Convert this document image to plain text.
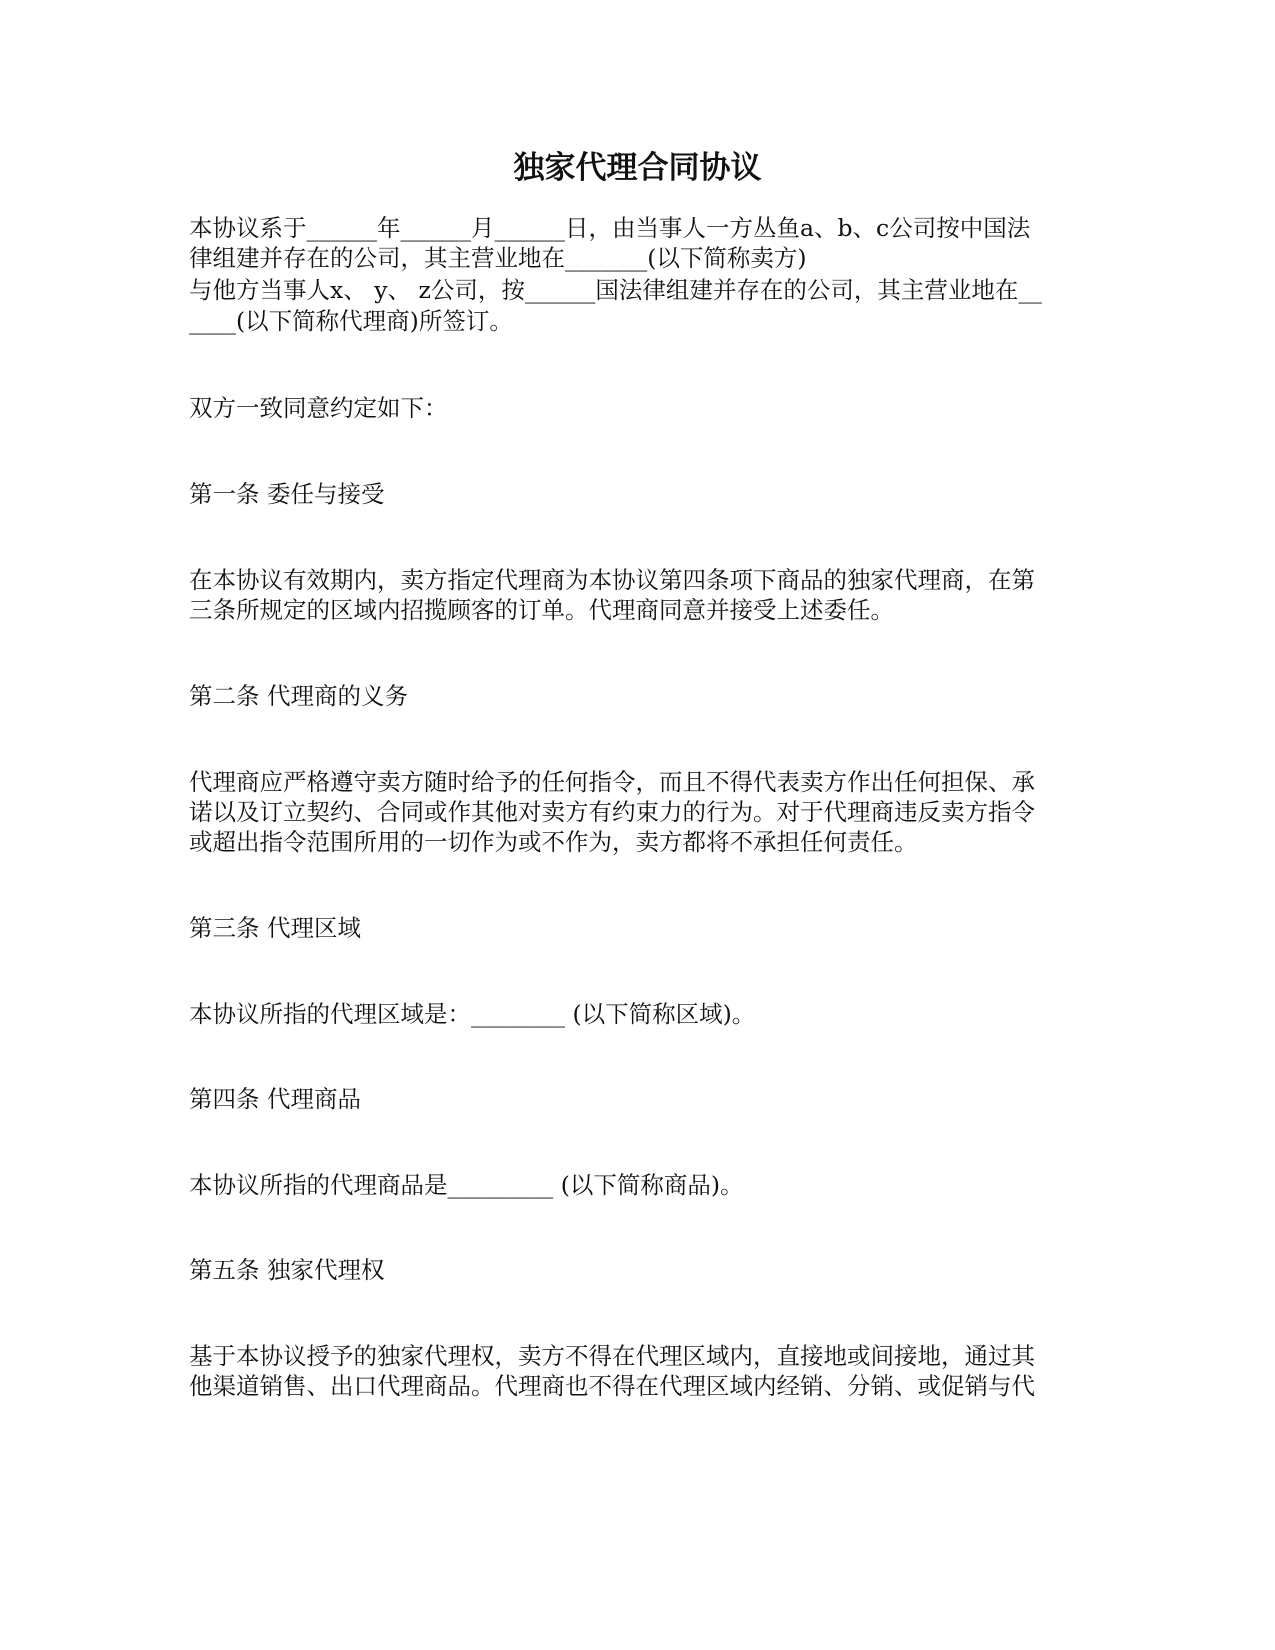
独家代理合同协议
本协议系于______年______月______日，由当事人一方丛鱼a、b、c公司按中国法
律组建并存在的公司，其主营业地在_______(以下简称卖方)
与他方当事人x、 y、 z公司，按______国法律组建并存在的公司，其主营业地在__
____(以下简称代理商)所签订。
双方一致同意约定如下：
第一条 委任与接受
在本协议有效期内，卖方指定代理商为本协议第四条项下商品的独家代理商，在第
三条所规定的区域内招揽顾客的订单。代理商同意并接受上述委任。
第二条 代理商的义务
代理商应严格遵守卖方随时给予的任何指令，而且不得代表卖方作出任何担保、承
诺以及订立契约、合同或作其他对卖方有约束力的行为。对于代理商违反卖方指令
或超出指令范围所用的一切作为或不作为，卖方都将不承担任何责任。
第三条 代理区域
本协议所指的代理区域是：________ (以下简称区域)。
第四条 代理商品
本协议所指的代理商品是_________ (以下简称商品)。
第五条 独家代理权
基于本协议授予的独家代理权，卖方不得在代理区域内，直接地或间接地，通过其
他渠道销售、出口代理商品。代理商也不得在代理区域内经销、分销、或促销与代
